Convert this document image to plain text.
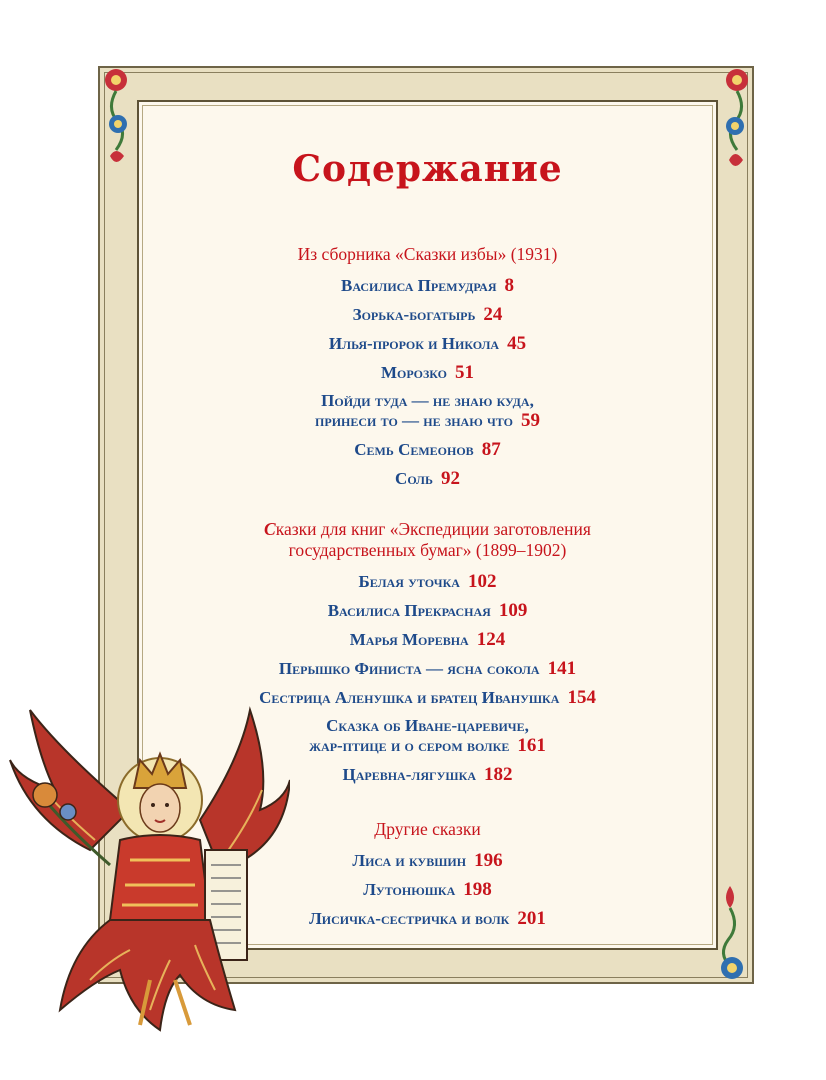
Содержание
Из сборника «Сказки избы» (1931)
Василиса Премудрая 8
Зорька-богатырь 24
Илья-пророк и Никола 45
Морозко 51
Пойди туда — не знаю куда,
принеси то — не знаю что 59
Семь Семеонов 87
Соль 92
Сказки для книг «Экспедиции заготовления
государственных бумаг» (1899–1902)
Белая уточка 102
Василиса Прекрасная 109
Марья Моревна 124
Перышко Финиста — ясна сокола 141
Сестрица Аленушка и братец Иванушка 154
Сказка об Иване-царевиче,
жар-птице и о сером волке 161
Царевна-лягушка 182
Другие сказки
Лиса и кувшин 196
Лутонюшка 198
Лисичка-сестричка и волк 201
